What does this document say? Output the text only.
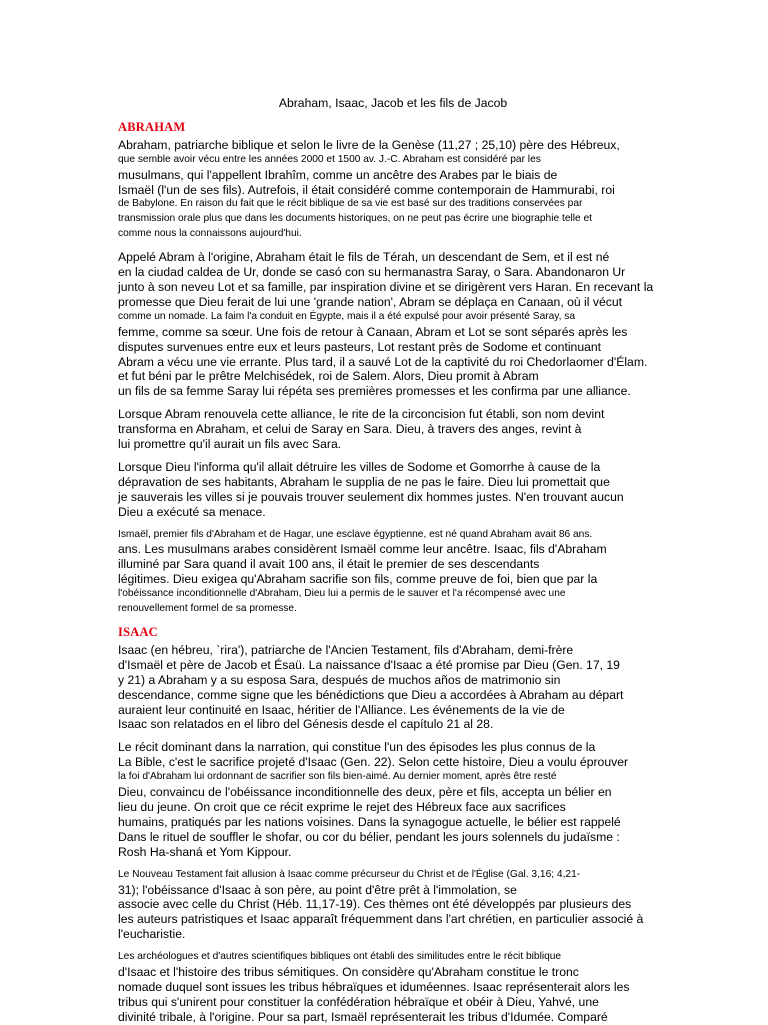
Abraham, Isaac, Jacob et les fils de Jacob
ABRAHAM
Abraham, patriarche biblique et selon le livre de la Genèse (11,27 ; 25,10) père des Hébreux,
que semble avoir vécu entre les années 2000 et 1500 av. J.-C. Abraham est considéré par les
musulmans, qui l'appellent Ibrahîm, comme un ancêtre des Arabes par le biais de
Ismaël (l'un de ses fils). Autrefois, il était considéré comme contemporain de Hammurabi, roi
de Babylone. En raison du fait que le récit biblique de sa vie est basé sur des traditions conservées par
transmission orale plus que dans les documents historiques, on ne peut pas écrire une biographie telle et
comme nous la connaissons aujourd'hui.
Appelé Abram à l'origine, Abraham était le fils de Térah, un descendant de Sem, et il est né
en la ciudad caldea de Ur, donde se casó con su hermanastra Saray, o Sara. Abandonaron Ur
junto à son neveu Lot et sa famille, par inspiration divine et se dirigèrent vers Haran. En recevant la
promesse que Dieu ferait de lui une 'grande nation', Abram se déplaça en Canaan, où il vécut
comme un nomade. La faim l'a conduit en Égypte, mais il a été expulsé pour avoir présenté Saray, sa
femme, comme sa sœur. Une fois de retour à Canaan, Abram et Lot se sont séparés après les
disputes survenues entre eux et leurs pasteurs, Lot restant près de Sodome et continuant
Abram a vécu une vie errante. Plus tard, il a sauvé Lot de la captivité du roi Chedorlaomer d'Élam.
et fut béni par le prêtre Melchisédek, roi de Salem. Alors, Dieu promit à Abram
un fils de sa femme Saray lui répéta ses premières promesses et les confirma par une alliance.
Lorsque Abram renouvela cette alliance, le rite de la circoncision fut établi, son nom devint
transforma en Abraham, et celui de Saray en Sara. Dieu, à travers des anges, revint à
lui promettre qu'il aurait un fils avec Sara.
Lorsque Dieu l'informa qu'il allait détruire les villes de Sodome et Gomorrhe à cause de la
dépravation de ses habitants, Abraham le supplia de ne pas le faire. Dieu lui promettait que
je sauverais les villes si je pouvais trouver seulement dix hommes justes. N'en trouvant aucun
Dieu a exécuté sa menace.
Ismaël, premier fils d'Abraham et de Hagar, une esclave égyptienne, est né quand Abraham avait 86 ans.
ans. Les musulmans arabes considèrent Ismaël comme leur ancêtre. Isaac, fils d'Abraham
illuminé par Sara quand il avait 100 ans, il était le premier de ses descendants
légitimes. Dieu exigea qu'Abraham sacrifie son fils, comme preuve de foi, bien que par la
l'obéissance inconditionnelle d'Abraham, Dieu lui a permis de le sauver et l'a récompensé avec une
renouvellement formel de sa promesse.
ISAAC
Isaac (en hébreu, `rira'), patriarche de l'Ancien Testament, fils d'Abraham, demi-frère
d'Ismaël et père de Jacob et Ésaü. La naissance d'Isaac a été promise par Dieu (Gen. 17, 19
y 21) a Abraham y a su esposa Sara, después de muchos años de matrimonio sin
descendance, comme signe que les bénédictions que Dieu a accordées à Abraham au départ
auraient leur continuité en Isaac, héritier de l'Alliance. Les événements de la vie de
Isaac son relatados en el libro del Génesis desde el capítulo 21 al 28.
Le récit dominant dans la narration, qui constitue l'un des épisodes les plus connus de la
La Bible, c'est le sacrifice projeté d'Isaac (Gen. 22). Selon cette histoire, Dieu a voulu éprouver
la foi d'Abraham lui ordonnant de sacrifier son fils bien-aimé. Au dernier moment, après être resté
Dieu, convaincu de l'obéissance inconditionnelle des deux, père et fils, accepta un bélier en
lieu du jeune. On croit que ce récit exprime le rejet des Hébreux face aux sacrifices
humains, pratiqués par les nations voisines. Dans la synagogue actuelle, le bélier est rappelé
Dans le rituel de souffler le shofar, ou cor du bélier, pendant les jours solennels du judaïsme :
Rosh Ha-shaná et Yom Kippour.
Le Nouveau Testament fait allusion à Isaac comme précurseur du Christ et de l'Église (Gal. 3,16; 4,21-
31); l'obéissance d'Isaac à son père, au point d'être prêt à l'immolation, se
associe avec celle du Christ (Héb. 11,17-19). Ces thèmes ont été développés par plusieurs des
les auteurs patristiques et Isaac apparaît fréquemment dans l'art chrétien, en particulier associé à
l'eucharistie.
Les archéologues et d'autres scientifiques bibliques ont établi des similitudes entre le récit biblique
d'Isaac et l'histoire des tribus sémitiques. On considère qu'Abraham constitue le tronc
nomade duquel sont issues les tribus hébraïques et iduméennes. Isaac représenterait alors les
tribus qui s'unirent pour constituer la confédération hébraïque et obéir à Dieu, Yahvé, une
divinité tribale, à l'origine. Pour sa part, Ismaël représenterait les tribus d'Idumée. Comparé
